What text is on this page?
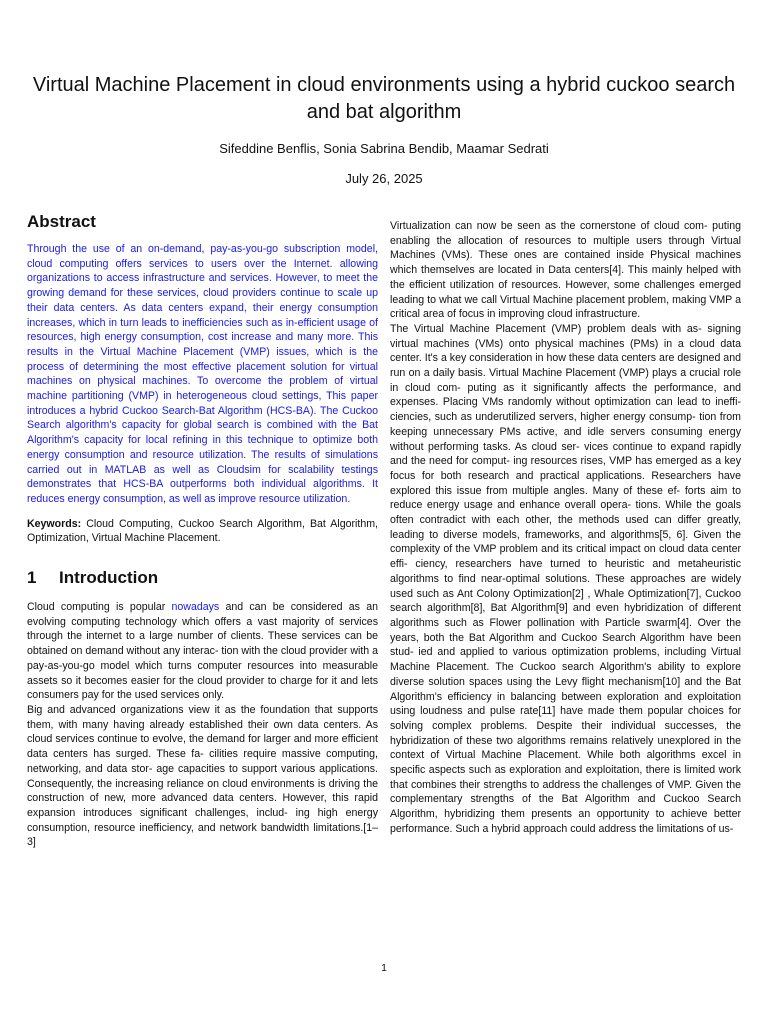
Virtual Machine Placement in cloud environments using a hybrid cuckoo search and bat algorithm
Sifeddine Benflis, Sonia Sabrina Bendib, Maamar Sedrati
July 26, 2025
Abstract

Through the use of an on-demand, pay-as-you-go subscription model, cloud computing offers services to users over the Internet. allowing organizations to access infrastructure and services. However, to meet the growing demand for these services, cloud providers continue to scale up their data centers. As data centers expand, their energy consumption increases, which in turn leads to inefficiencies such as in-efficient usage of resources, high energy consumption, cost increase and many more. This results in the Virtual Machine Placement (VMP) issues, which is the process of determining the most effective placement solution for virtual machines on physical machines. To overcome the problem of virtual machine partitioning (VMP) in heterogeneous cloud settings, This paper introduces a hybrid Cuckoo Search-Bat Algorithm (HCS-BA). The Cuckoo Search algorithm's capacity for global search is combined with the Bat Algorithm's capacity for local refining in this technique to optimize both energy consumption and resource utilization. The results of simulations carried out in MATLAB as well as Cloudsim for scalability testings demonstrates that HCS-BA outperforms both individual algorithms. It reduces energy consumption, as well as improve resource utilization.

Keywords: Cloud Computing, Cuckoo Search Algorithm, Bat Algorithm, Optimization, Virtual Machine Placement.

1 Introduction

Cloud computing is popular nowadays and can be considered as an evolving computing technology which offers a vast majority of services through the internet to a large number of clients. These services can be obtained on demand without any interac- tion with the cloud provider with a pay-as-you-go model which turns computer resources into measurable assets so it becomes easier for the cloud provider to charge for it and lets consumers pay for the used services only.

Big and advanced organizations view it as the foundation that supports them, with many having already established their own data centers. As cloud services continue to evolve, the demand for larger and more efficient data centers has surged. These fa- cilities require massive computing, networking, and data stor- age capacities to support various applications. Consequently, the increasing reliance on cloud environments is driving the construction of new, more advanced data centers. However, this rapid expansion introduces significant challenges, includ- ing high energy consumption, resource inefficiency, and network bandwidth limitations.[1–3]

Virtualization can now be seen as the cornerstone of cloud com- puting enabling the allocation of resources to multiple users through Virtual Machines (VMs). These ones are contained inside Physical machines which themselves are located in Data centers[4]. This mainly helped with the efficient utilization of resources. However, some challenges emerged leading to what we call Virtual Machine placement problem, making VMP a critical area of focus in improving cloud infrastructure.

The Virtual Machine Placement (VMP) problem deals with as- signing virtual machines (VMs) onto physical machines (PMs) in a cloud data center. It's a key consideration in how these data centers are designed and run on a daily basis. Virtual Machine Placement (VMP) plays a crucial role in cloud com- puting as it significantly affects the performance, and expenses. Placing VMs randomly without optimization can lead to ineffi- ciencies, such as underutilized servers, higher energy consump- tion from keeping unnecessary PMs active, and idle servers consuming energy without performing tasks. As cloud ser- vices continue to expand rapidly and the need for comput- ing resources rises, VMP has emerged as a key focus for both research and practical applications. Researchers have explored this issue from multiple angles. Many of these ef- forts aim to reduce energy usage and enhance overall opera- tions. While the goals often contradict with each other, the methods used can differ greatly, leading to diverse models, frameworks, and algorithms[5, 6]. Given the complexity of the VMP problem and its critical impact on cloud data center effi- ciency, researchers have turned to heuristic and metaheuristic algorithms to find near-optimal solutions. These approaches are widely used such as Ant Colony Optimization[2] , Whale Optimization[7], Cuckoo search algorithm[8], Bat Algorithm[9] and even hybridization of different algorithms such as Flower pollination with Particle swarm[4]. Over the years, both the Bat Algorithm and Cuckoo Search Algorithm have been stud- ied and applied to various optimization problems, including Virtual Machine Placement. The Cuckoo search Algorithm's ability to explore diverse solution spaces using the Levy flight mechanism[10] and the Bat Algorithm's efficiency in balancing between exploration and exploitation using loudness and pulse rate[11] have made them popular choices for solving complex problems. Despite their individual successes, the hybridization of these two algorithms remains relatively unexplored in the context of Virtual Machine Placement. While both algorithms excel in specific aspects such as exploration and exploitation, there is limited work that combines their strengths to address the challenges of VMP. Given the complementary strengths of the Bat Algorithm and Cuckoo Search Algorithm, hybridizing them presents an opportunity to achieve better performance. Such a hybrid approach could address the limitations of us-

1
